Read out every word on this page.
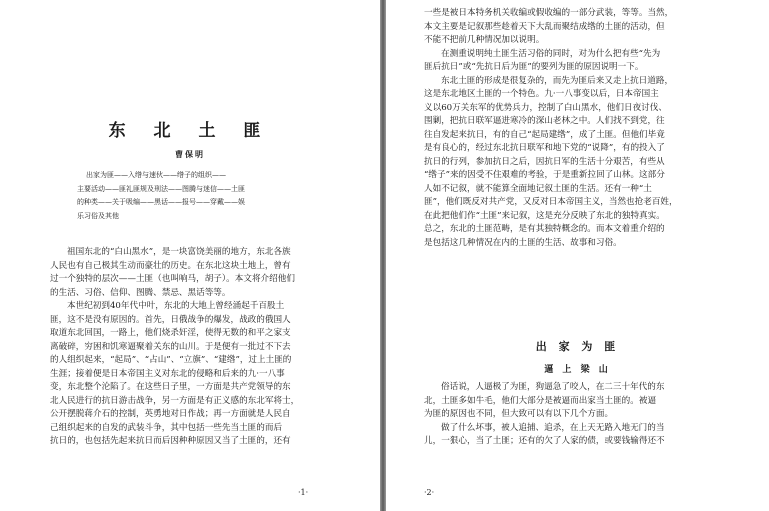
东 北 土 匪
曹保明
出家为匪——入绺与速伙——绺子的组织——
主要活动——匪礼匪规及刑法——图腾与迷信——土匪
的种类——关于吸编——黑话——报号——穿戴——娱
乐习俗及其他
祖国东北的“白山黑水”，是一块富饶美丽的地方，东北各族
人民也有自己极其生动而豪壮的历史。在东北这块土地上，曾有
过一个独特的层次——土匪（也叫响马，胡子）。本文将介绍他们
的生活、习俗、信仰、图腾、禁忌、黑话等等。
本世纪初到40年代中叶，东北的大地上曾经涌起千百股土
匪，这不是没有原因的。首先，日俄战争的爆发，战政的俄国人
取道东北回国，一路上，他们烧杀奸淫，使得无数的和平之家支
离破碎，穷困和饥寒逼聚着关东的山川。于是便有一批过不下去
的人组织起来，“起局”、“占山”、“立旗”、“建绺”，过上土匪的
生涯；接着便是日本帝国主义对东北的侵略和后来的九·一八事
变，东北整个沦陷了。在这些日子里，一方面是共产党领导的东
北人民进行的抗日游击战争，另一方面是有正义感的东北军将士，
公开摆脱蒋介石的控制，英勇地对日作战；再一方面就是人民自
己组织起来的自发的武装斗争，其中包括一些先当土匪的而后
抗日的，也包括先起来抗日而后因种种原因又当了土匪的，还有
·1·
一些是被日本特务机关收编或假收编的一部分武装，等等。当然，
本文主要是记叙那些趁着天下大乱而聚结成绺的土匪的活动，但
不能不把前几种情况加以说明。
在测重说明纯土匪生活习俗的同时，对为什么把有些“先为
匪后抗日”或“先抗日后为匪”的要列为匪的原因说明一下。
东北土匪的形成是很复杂的，而先为匪后来又走上抗日道路，
这是东北地区土匪的一个特色。九·一八事变以后，日本帝国主
义以60万关东军的优势兵力，控制了白山黑水，他们日夜讨伐、
围剿，把抗日联军逼进寒冷的深山老林之中。人们找不到党，往
往自发起来抗日，有的自己“起局建绺”，成了土匪。但他们毕竟
是有良心的，经过东北抗日联军和地下党的“说降”，有的投入了
抗日的行列，参加抗日之后，因抗日军的生活十分艰苦，有些从
“绺子”来的因受不住艰难的考验，于是重新拉回了山林。这部分
人如不记叙，就不能算全面地记叙土匪的生活。还有一种“土
匪”，他们既反对共产党，又反对日本帝国主义，当然也抢老百姓，
在此把他们作“土匪”来记叙，这是充分反映了东北的独特真实。
总之，东北的土匪范畴，是有其独特概念的。而本文着重介绍的
是包括这几种情况在内的土匪的生活、故事和习俗。
出 家 为 匪
逼 上 梁 山
俗话说，人逼极了为匪，狗逼急了咬人，在二三十年代的东
北，土匪多如牛毛，他们大部分是被逼而出家当土匪的。被逼
为匪的原因也不同，但大致可以有以下几个方面。
做了什么坏事，被人追捕、追杀，在上天无路入地无门的当
儿，一狠心，当了土匪；还有的欠了人家的债，或要钱输得还不
·2·
